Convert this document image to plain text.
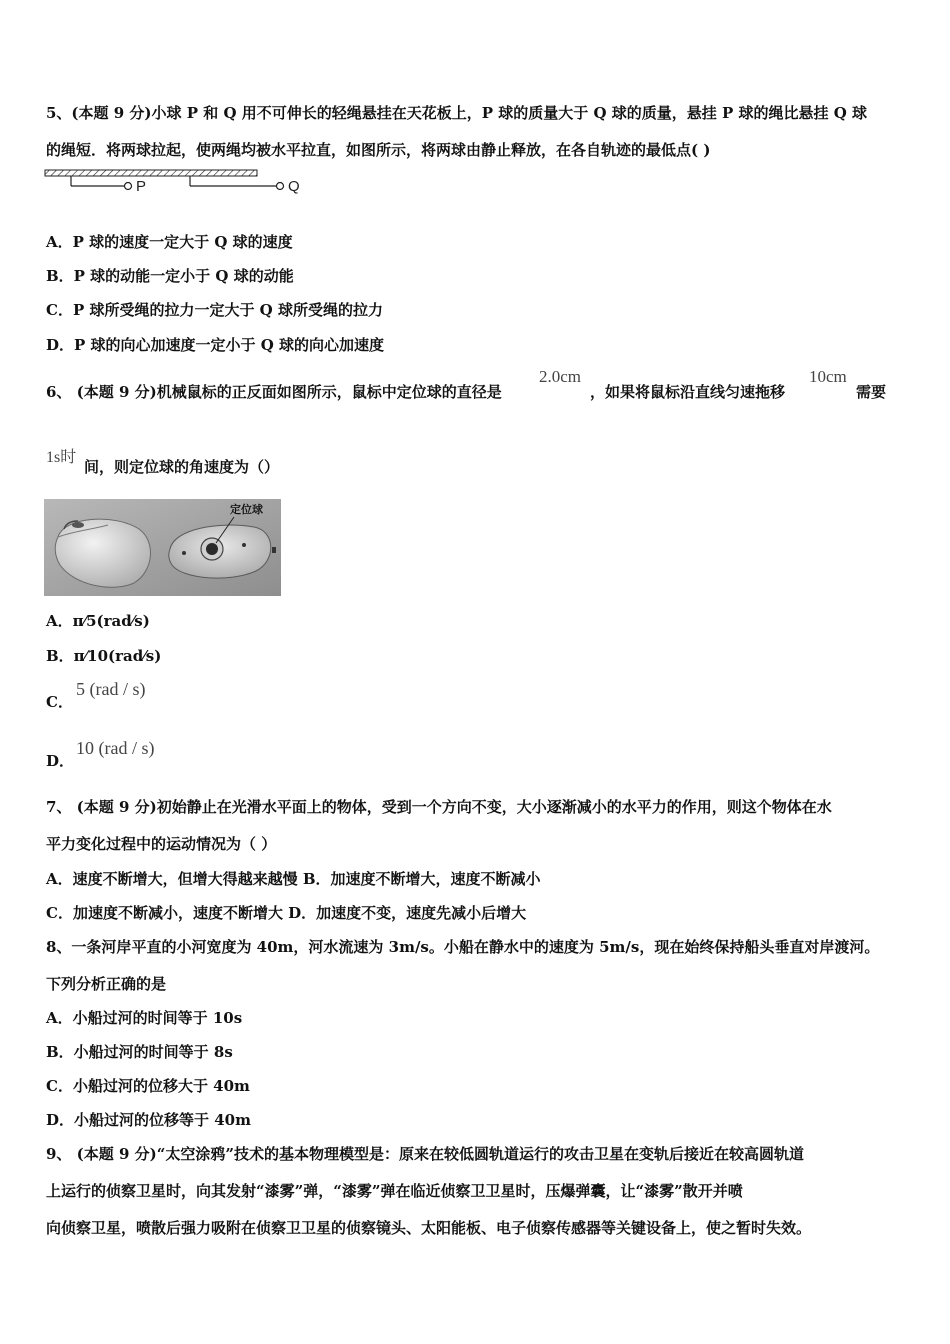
5、(本题 9 分)小球 P 和 Q 用不可伸长的轻绳悬挂在天花板上，P 球的质量大于 Q 球的质量，悬挂 P 球的绳比悬挂 Q 球
的绳短．将两球拉起，使两绳均被水平拉直，如图所示，将两球由静止释放，在各自轨迹的最低点( )
P	Q
A．P 球的速度一定大于 Q 球的速度
B．P 球的动能一定小于 Q 球的动能
C．P 球所受绳的拉力一定大于 Q 球所受绳的拉力
D．P 球的向心加速度一定小于 Q 球的向心加速度
6、 (本题 9 分)机械鼠标的正反面如图所示，鼠标中定位球的直径是
2.0cm
，如果将鼠标沿直线匀速拖移
10cm
需要
1s时
间，则定位球的角速度为（）
定位球
A．π⁄5(rad⁄s)
B．π⁄10(rad⁄s)
C．
5 (rad / s)
D．
10 (rad / s)
7、 (本题 9 分)初始静止在光滑水平面上的物体，受到一个方向不变，大小逐渐减小的水平力的作用，则这个物体在水
平力变化过程中的运动情况为（ ）
A．速度不断增大，但增大得越来越慢 B．加速度不断增大，速度不断减小
C．加速度不断减小，速度不断增大 D．加速度不变，速度先减小后增大
8、一条河岸平直的小河宽度为 40m，河水流速为 3m/s。小船在静水中的速度为 5m/s，现在始终保持船头垂直对岸渡河。
下列分析正确的是
A．小船过河的时间等于 10s
B．小船过河的时间等于 8s
C．小船过河的位移大于 40m
D．小船过河的位移等于 40m
9、 (本题 9 分)“太空涂鸦”技术的基本物理模型是：原来在较低圆轨道运行的攻击卫星在变轨后接近在较高圆轨道
上运行的侦察卫星时，向其发射“漆雾”弹，“漆雾”弹在临近侦察卫卫星时，压爆弹囊，让“漆雾”散开并喷
向侦察卫星，喷散后强力吸附在侦察卫卫星的侦察镜头、太阳能板、电子侦察传感器等关键设备上，使之暂时失效。
